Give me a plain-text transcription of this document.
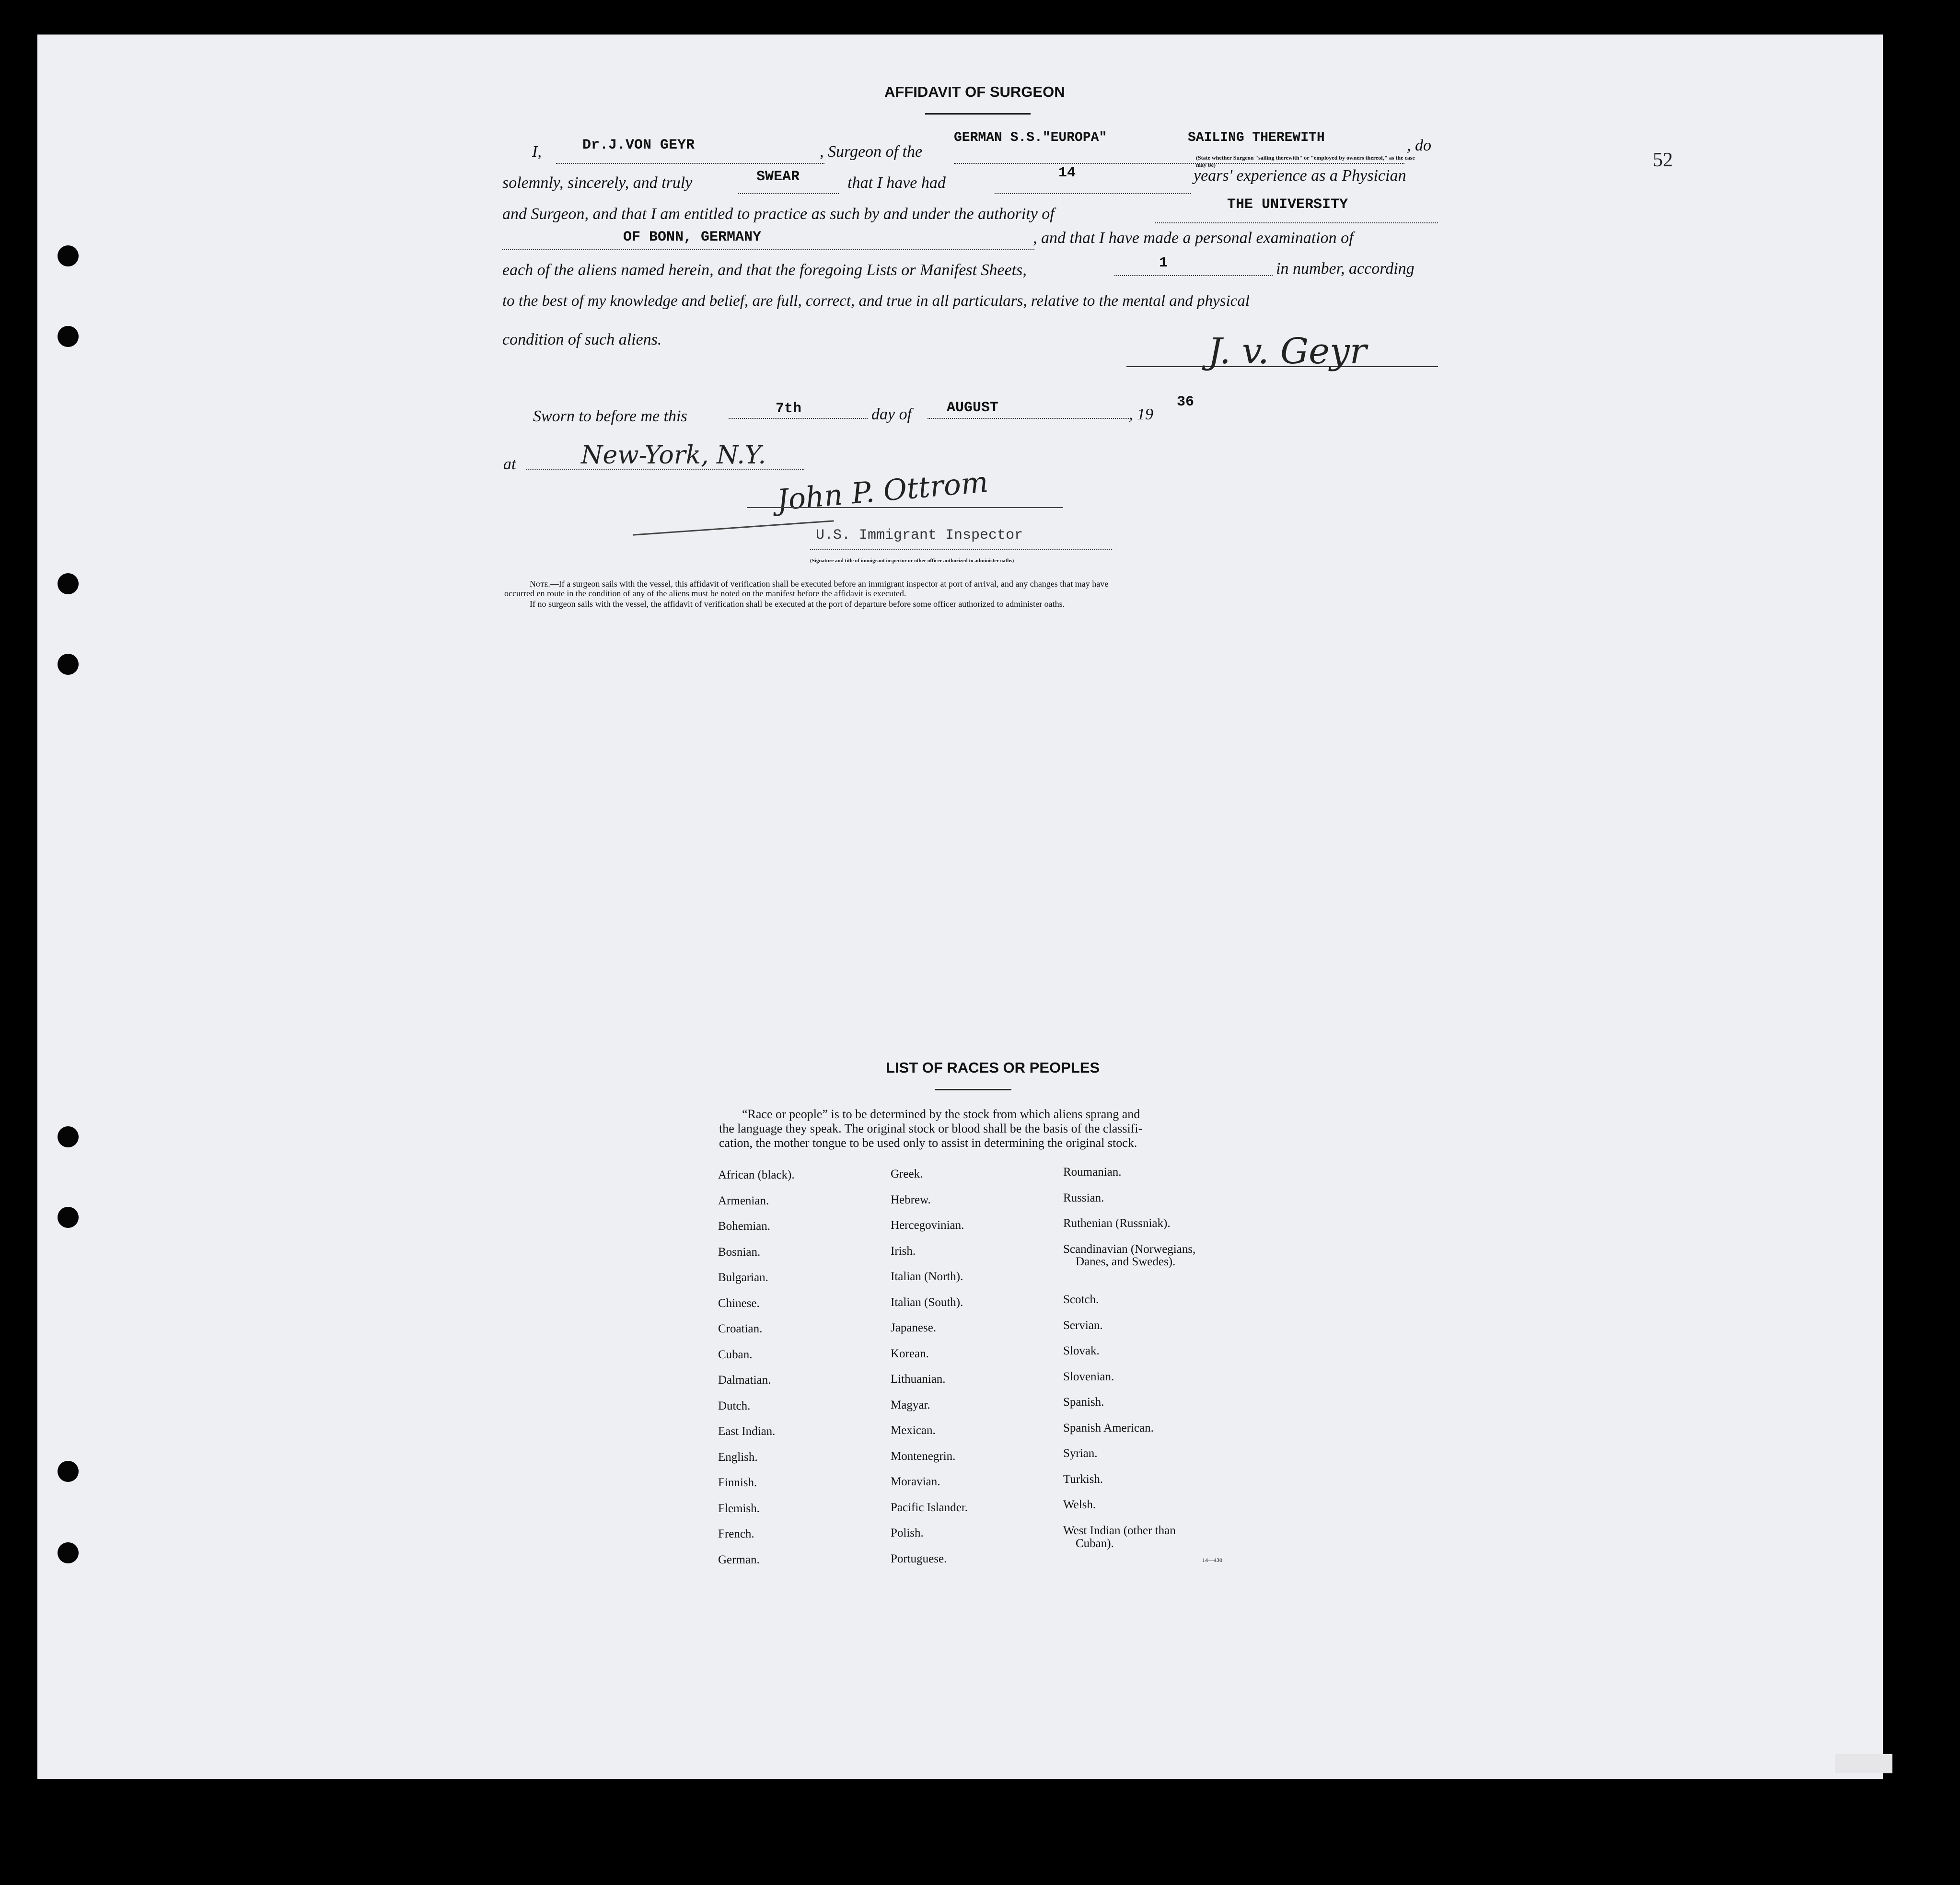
52
AFFIDAVIT OF SURGEON
I,	Dr.J.VON GEYR	, Surgeon of the
GERMAN S.S."EUROPA"	SAILING THEREWITH	, do
(State whether Surgeon "sailing therewith" or "employed by owners thereof," as the case may be)
solemnly, sincerely, and truly	SWEAR	that I have had
14	years' experience as a Physician
and Surgeon, and that I am entitled to practice as such by and under the authority of
THE UNIVERSITY
OF BONN, GERMANY	, and that I have made a personal examination of
each of the aliens named herein, and that the foregoing Lists or Manifest Sheets,	1	in number, according
to the best of my knowledge and belief, are full, correct, and true in all particulars, relative to the mental and physical
condition of such aliens.	J. v. Geyr
Sworn to before me this	7th	day of AUGUST	, 19
36
at	New-York, N.Y.
John P. Ottrom
U.S. Immigrant Inspector
(Signature and title of immigrant inspector or other officer authorized to administer oaths)
Note.—If a surgeon sails with the vessel, this affidavit of verification shall be executed before an immigrant inspector at port of arrival, and any changes that may have
occurred en route in the condition of any of the aliens must be noted on the manifest before the affidavit is executed.
If no surgeon sails with the vessel, the affidavit of verification shall be executed at the port of departure before some officer authorized to administer oaths.
LIST OF RACES OR PEOPLES
“Race or people” is to be determined by the stock from which aliens sprang and
the language they speak. The original stock or blood shall be the basis of the classifi-
cation, the mother tongue to be used only to assist in determining the original stock.
African (black).
Armenian.
Bohemian.
Bosnian.
Bulgarian.
Chinese.
Croatian.
Cuban.
Dalmatian.
Dutch.
East Indian.
English.
Finnish.
Flemish.
French.
German.
Greek.
Hebrew.
Hercegovinian.
Irish.
Italian (North).
Italian (South).
Japanese.
Korean.
Lithuanian.
Magyar.
Mexican.
Montenegrin.
Moravian.
Pacific Islander.
Polish.
Portuguese.
Roumanian.
Russian.
Ruthenian (Russniak).
Scandinavian (Norwegians,
Danes, and Swedes).
Scotch.
Servian.
Slovak.
Slovenian.
Spanish.
Spanish American.
Syrian.
Turkish.
Welsh.
West Indian (other than
Cuban).
14—430
